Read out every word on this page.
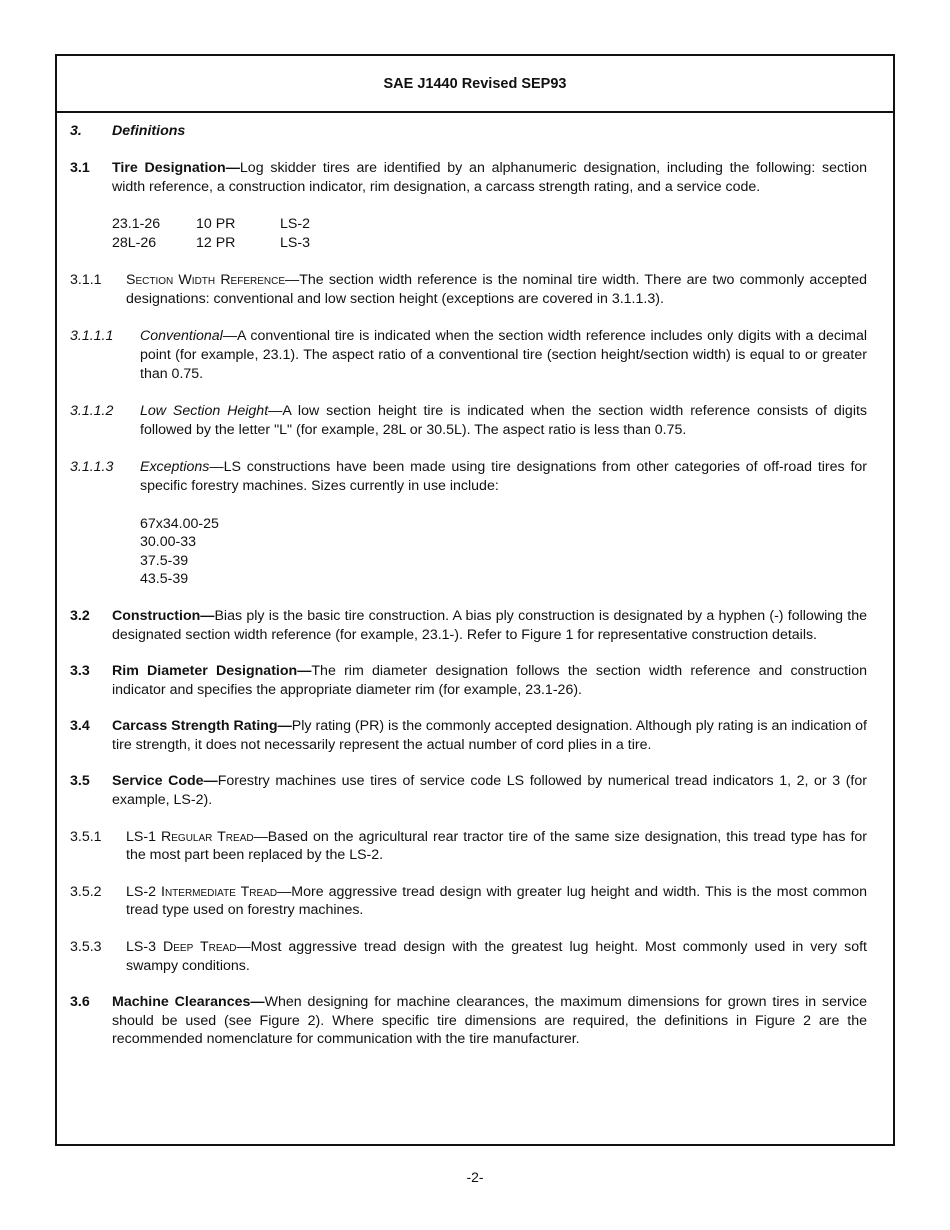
SAE J1440 Revised SEP93

3. Definitions

3.1 Tire Designation—Log skidder tires are identified by an alphanumeric designation, including the following: section width reference, a construction indicator, rim designation, a carcass strength rating, and a service code.

23.1-26	10 PR	LS-2
28L-26	12 PR	LS-3

3.1.1 Section Width Reference—The section width reference is the nominal tire width. There are two commonly accepted designations: conventional and low section height (exceptions are covered in 3.1.1.3).

3.1.1.1 Conventional—A conventional tire is indicated when the section width reference includes only digits with a decimal point (for example, 23.1). The aspect ratio of a conventional tire (section height/section width) is equal to or greater than 0.75.

3.1.1.2 Low Section Height—A low section height tire is indicated when the section width reference consists of digits followed by the letter "L" (for example, 28L or 30.5L). The aspect ratio is less than 0.75.

3.1.1.3 Exceptions—LS constructions have been made using tire designations from other categories of off-road tires for specific forestry machines. Sizes currently in use include:

67x34.00-25
30.00-33
37.5-39
43.5-39

3.2 Construction—Bias ply is the basic tire construction. A bias ply construction is designated by a hyphen (-) following the designated section width reference (for example, 23.1-). Refer to Figure 1 for representative construction details.

3.3 Rim Diameter Designation—The rim diameter designation follows the section width reference and construction indicator and specifies the appropriate diameter rim (for example, 23.1-26).

3.4 Carcass Strength Rating—Ply rating (PR) is the commonly accepted designation. Although ply rating is an indication of tire strength, it does not necessarily represent the actual number of cord plies in a tire.

3.5 Service Code—Forestry machines use tires of service code LS followed by numerical tread indicators 1, 2, or 3 (for example, LS-2).

3.5.1 LS-1 Regular Tread—Based on the agricultural rear tractor tire of the same size designation, this tread type has for the most part been replaced by the LS-2.

3.5.2 LS-2 Intermediate Tread—More aggressive tread design with greater lug height and width. This is the most common tread type used on forestry machines.

3.5.3 LS-3 Deep Tread—Most aggressive tread design with the greatest lug height. Most commonly used in very soft swampy conditions.

3.6 Machine Clearances—When designing for machine clearances, the maximum dimensions for grown tires in service should be used (see Figure 2). Where specific tire dimensions are required, the definitions in Figure 2 are the recommended nomenclature for communication with the tire manufacturer.

-2-
